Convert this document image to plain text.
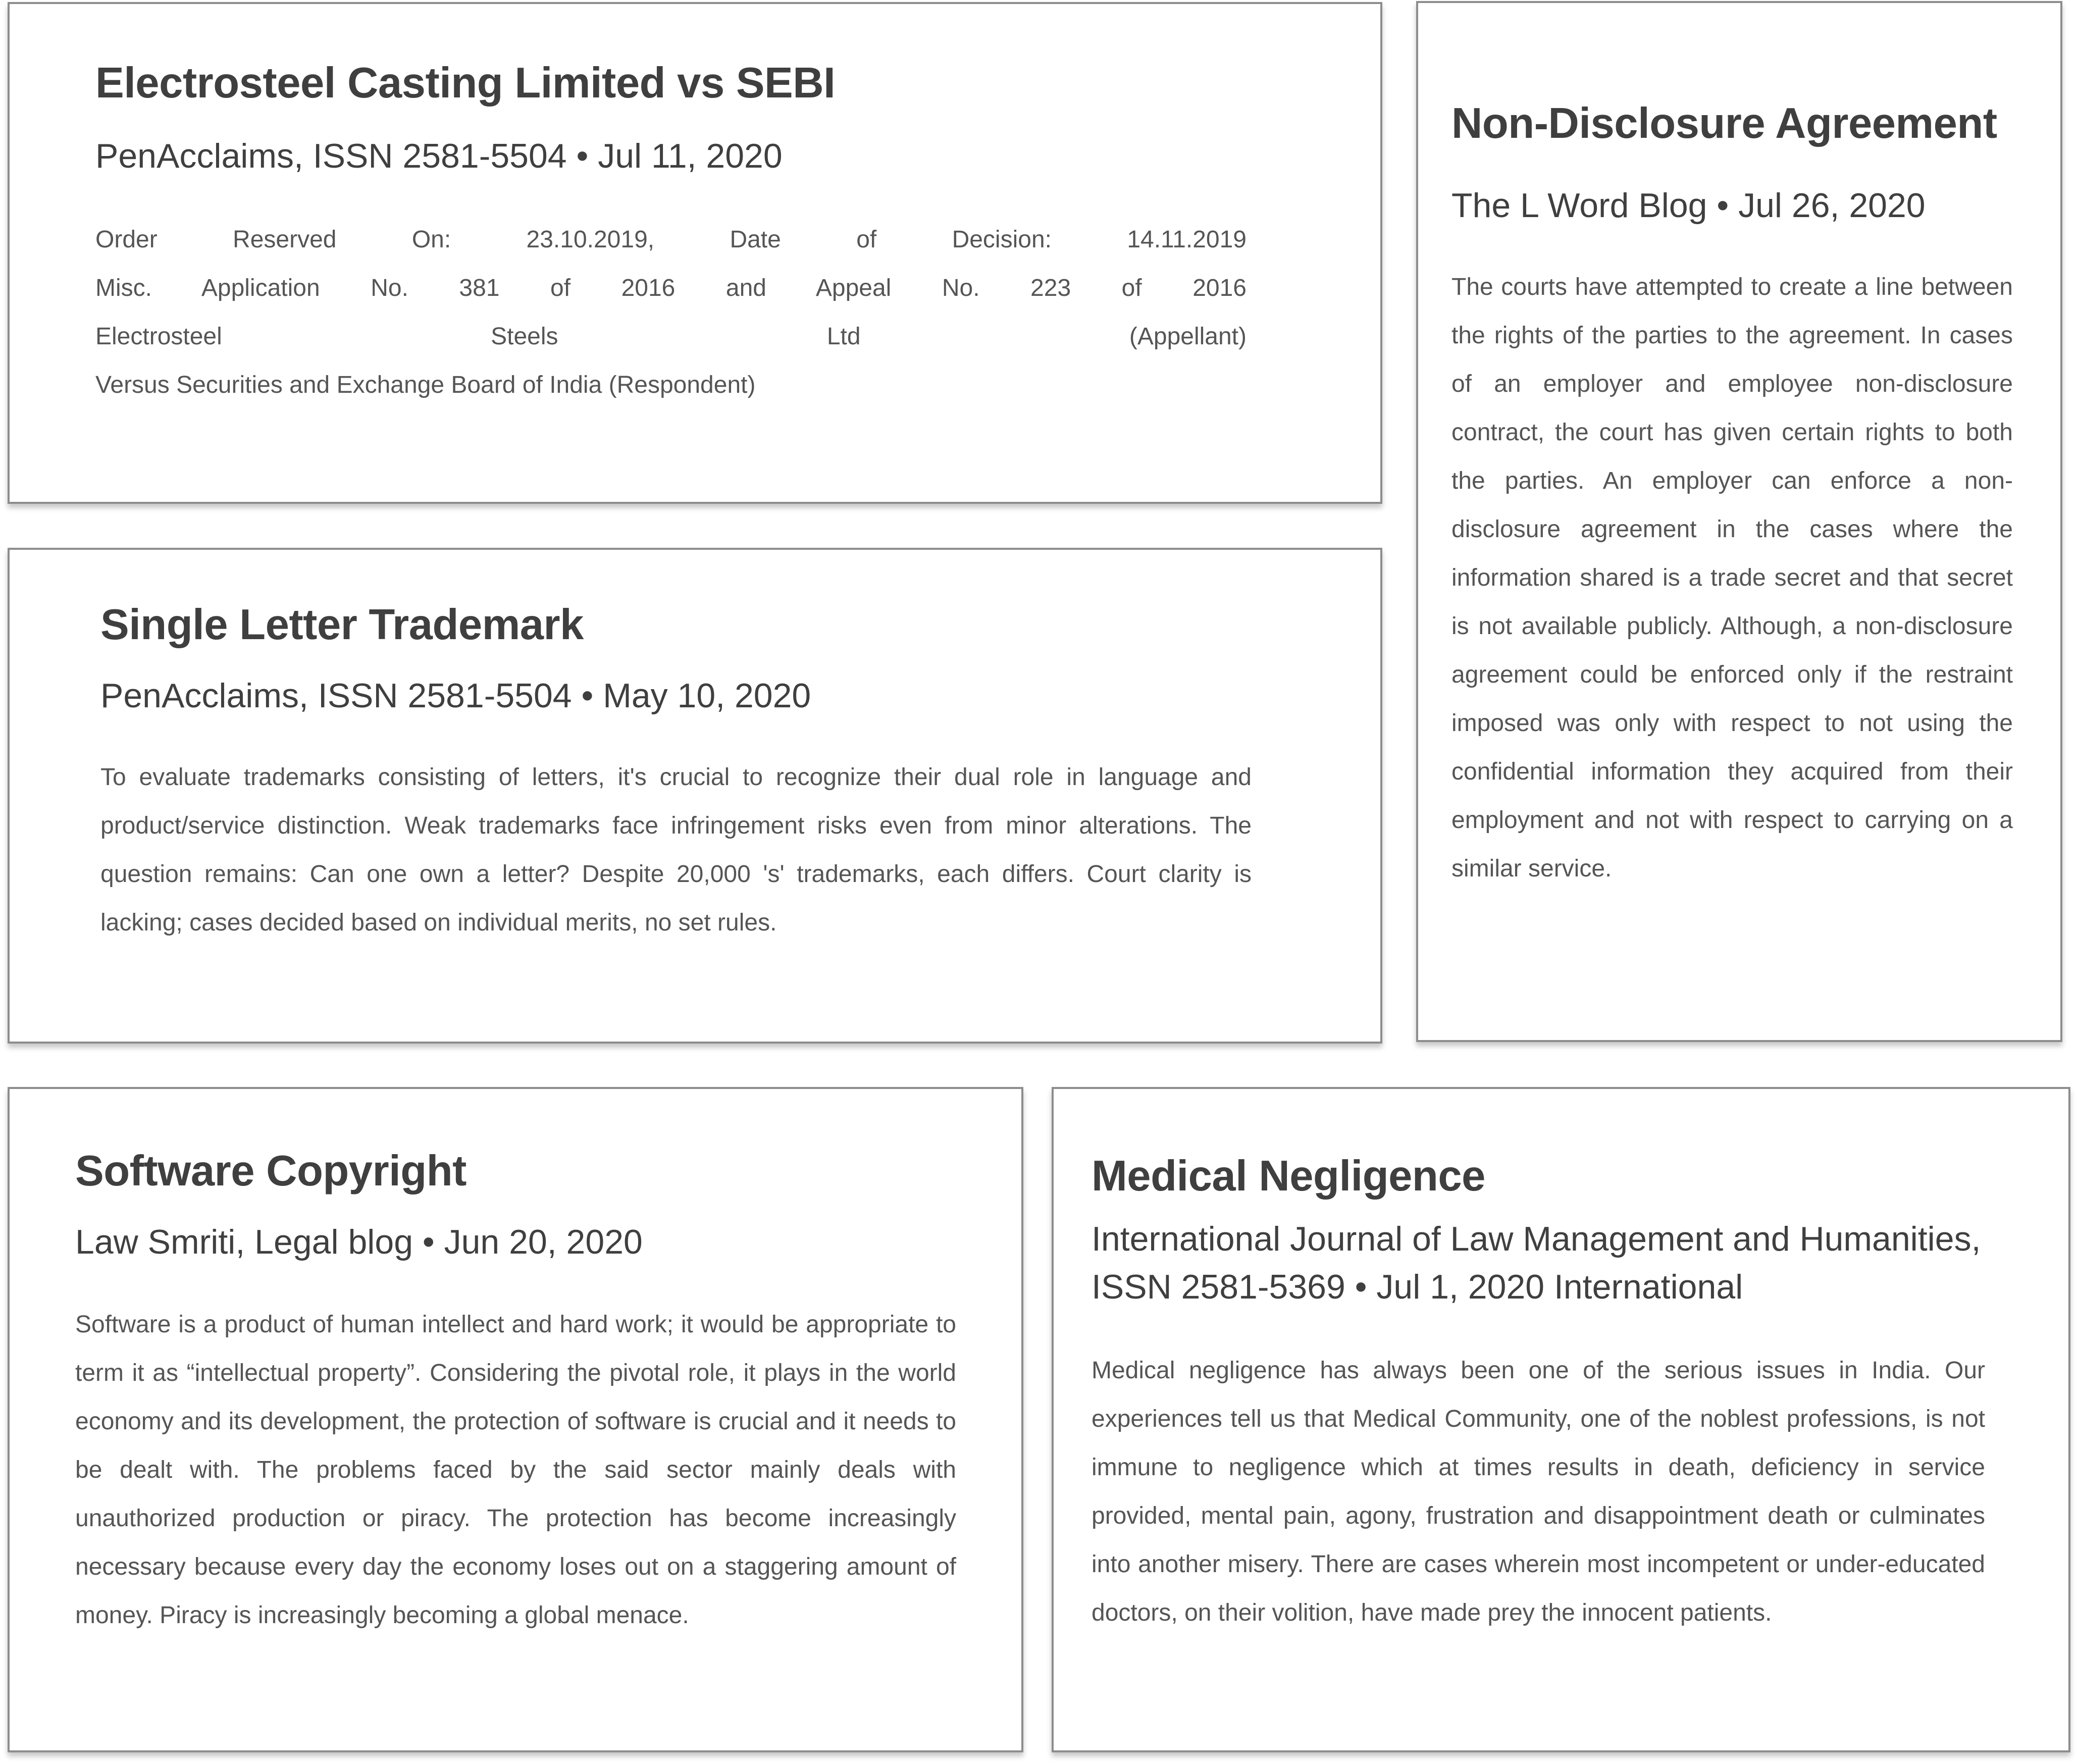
Electrosteel Casting Limited vs SEBI

PenAcclaims, ISSN 2581-5504 • Jul 11, 2020

Order Reserved On: 23.10.2019, Date of Decision: 14.11.2019
Misc. Application No. 381 of 2016 and Appeal No. 223 of 2016
Electrosteel Steels Ltd (Appellant)
Versus Securities and Exchange Board of India (Respondent)
Single Letter Trademark

PenAcclaims, ISSN 2581-5504 • May 10, 2020

To evaluate trademarks consisting of letters, it's crucial to recognize their dual role in language and product/service distinction. Weak trademarks face infringement risks even from minor alterations. The question remains: Can one own a letter? Despite 20,000 's' trademarks, each differs. Court clarity is lacking; cases decided based on individual merits, no set rules.

Non-Disclosure Agreement

The L Word Blog • Jul 26, 2020

The courts have attempted to create a line between the rights of the parties to the agreement. In cases of an employer and employee non-disclosure contract, the court has given certain rights to both the parties. An employer can enforce a non-disclosure agreement in the cases where the information shared is a trade secret and that secret is not available publicly. Although, a non-disclosure agreement could be enforced only if the restraint imposed was only with respect to not using the confidential information they acquired from their employment and not with respect to carrying on a similar service.

Software Copyright

Law Smriti, Legal blog • Jun 20, 2020

Software is a product of human intellect and hard work; it would be appropriate to term it as “intellectual property”. Considering the pivotal role, it plays in the world economy and its development, the protection of software is crucial and it needs to be dealt with. The problems faced by the said sector mainly deals with unauthorized production or piracy. The protection has become increasingly necessary because every day the economy loses out on a staggering amount of money. Piracy is increasingly becoming a global menace.

Medical Negligence

International Journal of Law Management and Humanities, ISSN 2581-5369 • Jul 1, 2020 International

Medical negligence has always been one of the serious issues in India. Our experiences tell us that Medical Community, one of the noblest professions, is not immune to negligence which at times results in death, deficiency in service provided, mental pain, agony, frustration and disappointment death or culminates into another misery. There are cases wherein most incompetent or under-educated doctors, on their volition, have made prey the innocent patients.
